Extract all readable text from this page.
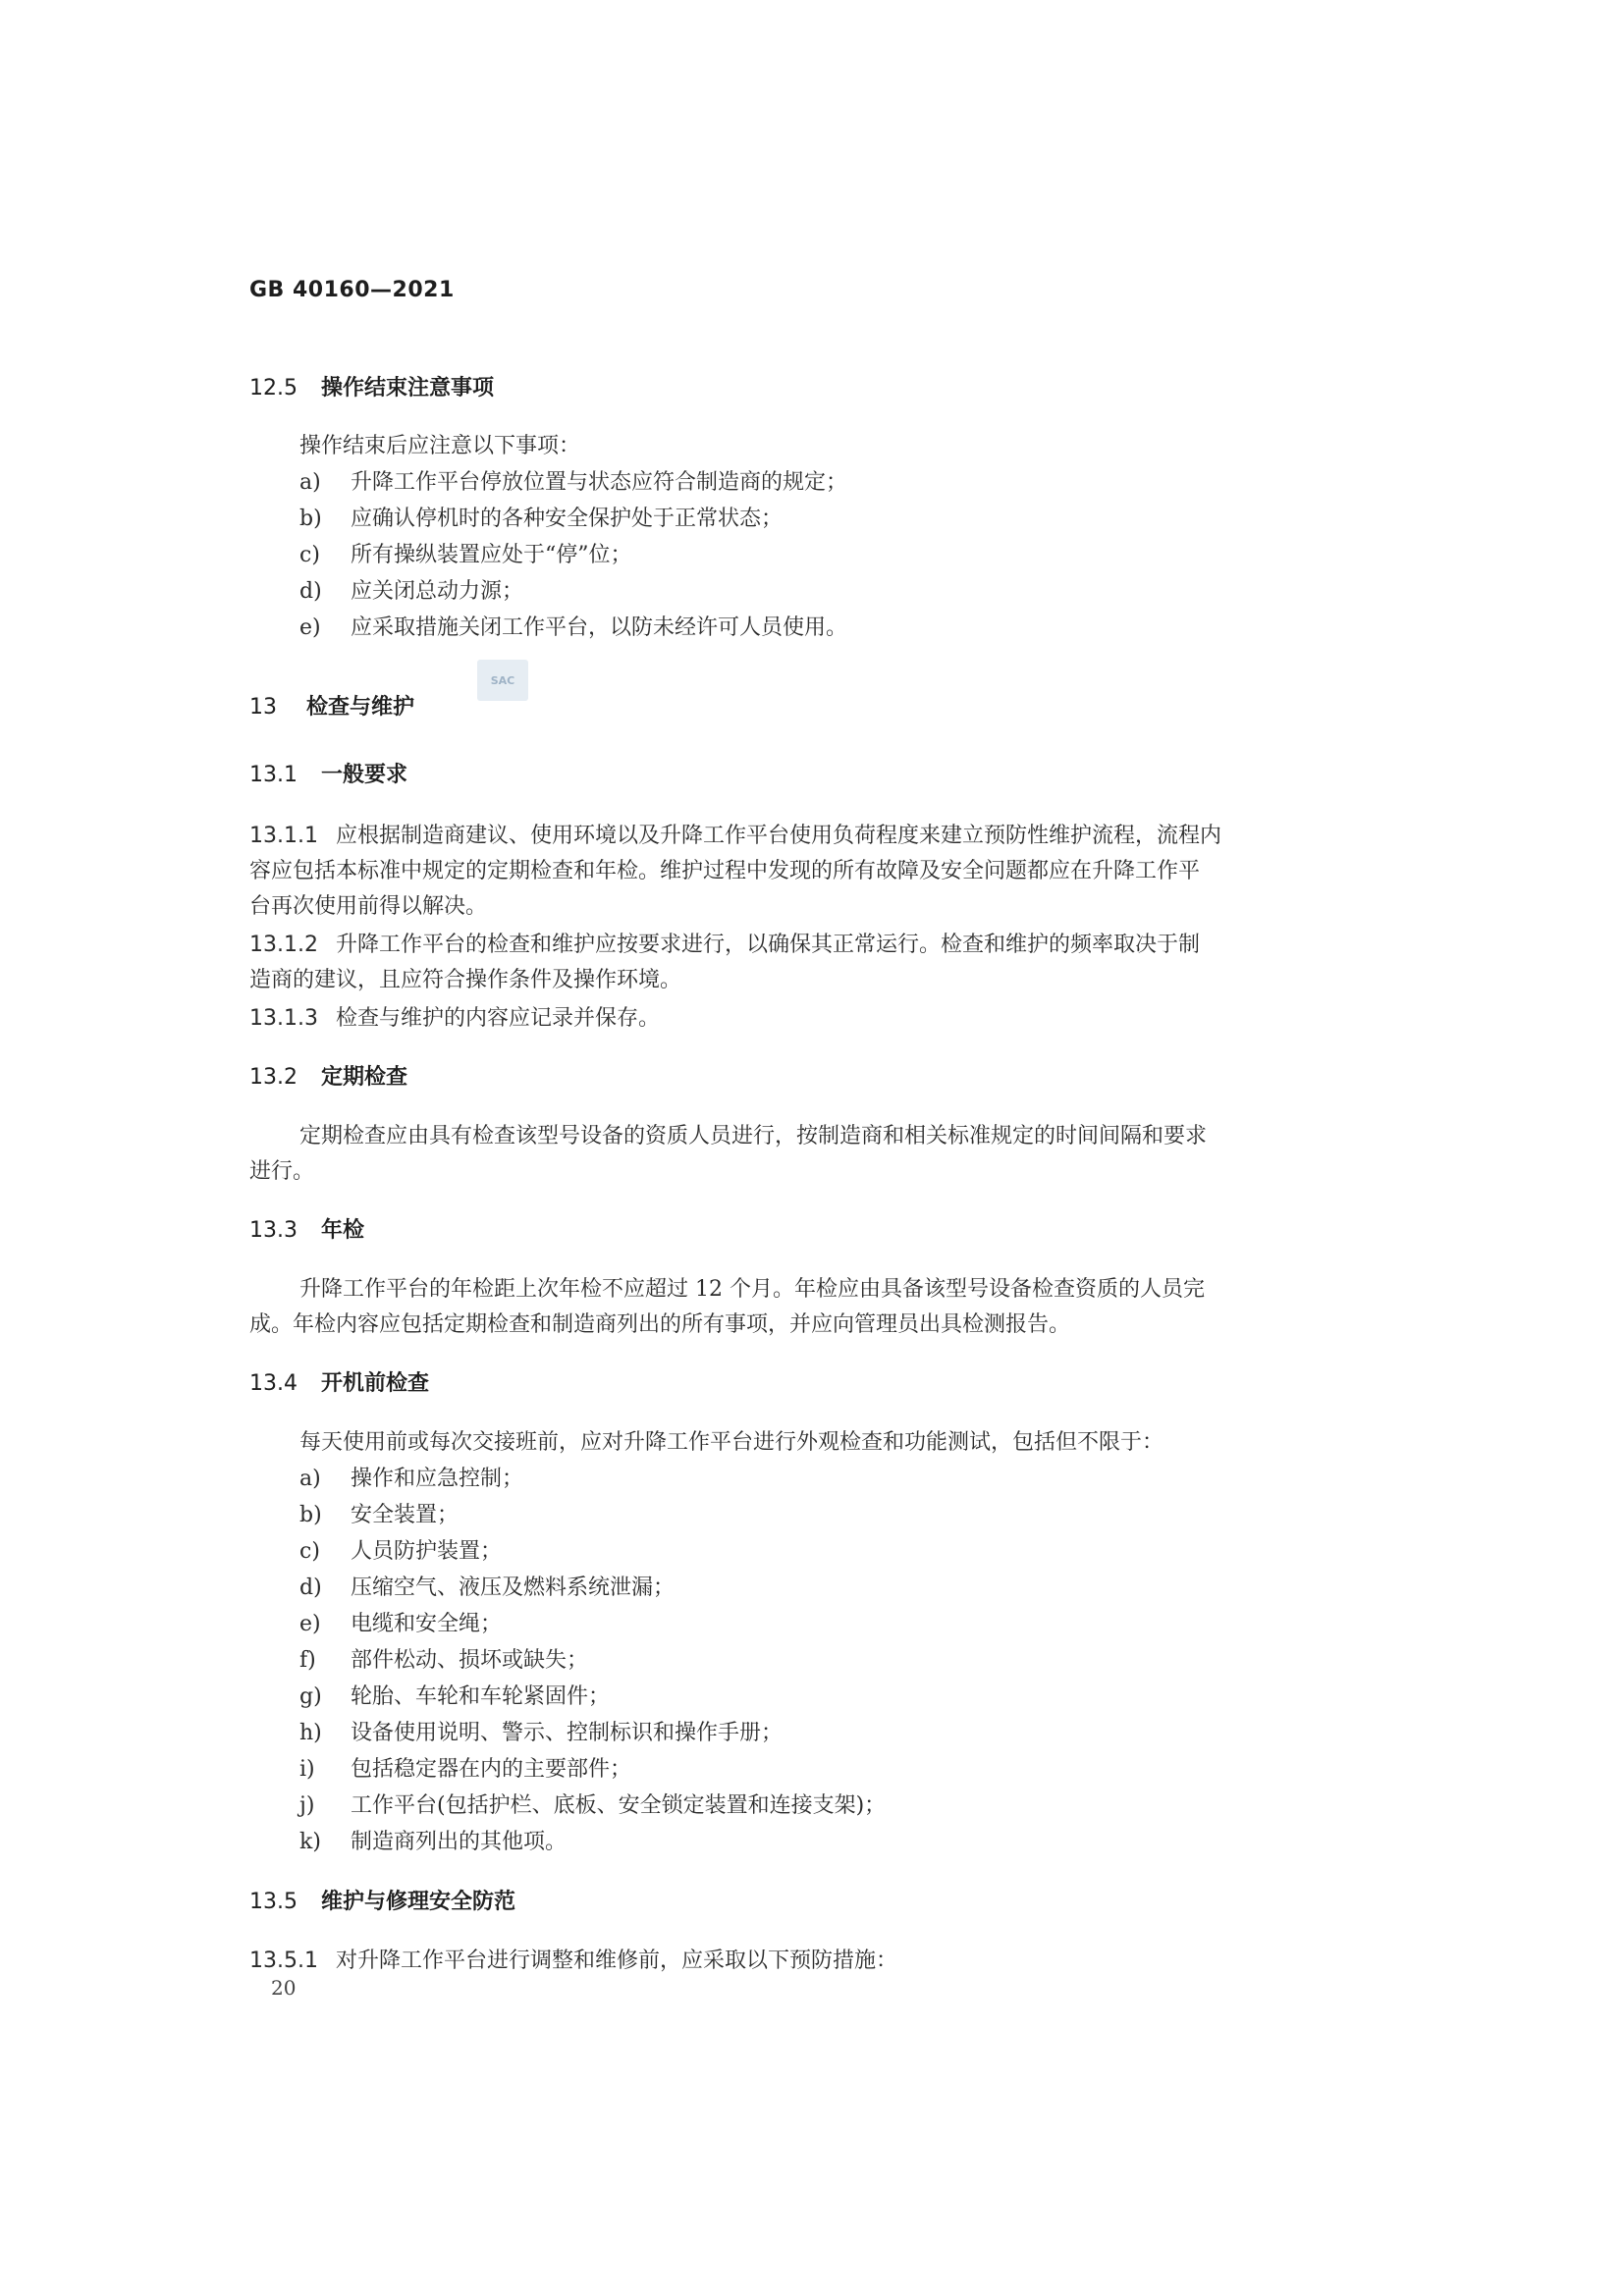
GB 40160—2021
12.5 操作结束注意事项
操作结束后应注意以下事项：
a) 升降工作平台停放位置与状态应符合制造商的规定；
b) 应确认停机时的各种安全保护处于正常状态；
c) 所有操纵装置应处于“停”位；
d) 应关闭总动力源；
e) 应采取措施关闭工作平台，以防未经许可人员使用。
13 检查与维护
SAC
13.1 一般要求
13.1.1 应根据制造商建议、使用环境以及升降工作平台使用负荷程度来建立预防性维护流程，流程内
容应包括本标准中规定的定期检查和年检。维护过程中发现的所有故障及安全问题都应在升降工作平
台再次使用前得以解决。
13.1.2 升降工作平台的检查和维护应按要求进行，以确保其正常运行。检查和维护的频率取决于制
造商的建议，且应符合操作条件及操作环境。
13.1.3 检查与维护的内容应记录并保存。
13.2 定期检查
定期检查应由具有检查该型号设备的资质人员进行，按制造商和相关标准规定的时间间隔和要求
进行。
13.3 年检
升降工作平台的年检距上次年检不应超过 12 个月。年检应由具备该型号设备检查资质的人员完
成。年检内容应包括定期检查和制造商列出的所有事项，并应向管理员出具检测报告。
13.4 开机前检查
每天使用前或每次交接班前，应对升降工作平台进行外观检查和功能测试，包括但不限于：
a) 操作和应急控制；
b) 安全装置；
c) 人员防护装置；
d) 压缩空气、液压及燃料系统泄漏；
e) 电缆和安全绳；
f) 部件松动、损坏或缺失；
g) 轮胎、车轮和车轮紧固件；
h) 设备使用说明、警示、控制标识和操作手册；
i) 包括稳定器在内的主要部件；
j) 工作平台(包括护栏、底板、安全锁定装置和连接支架)；
k) 制造商列出的其他项。
13.5 维护与修理安全防范
13.5.1 对升降工作平台进行调整和维修前，应采取以下预防措施：
20
